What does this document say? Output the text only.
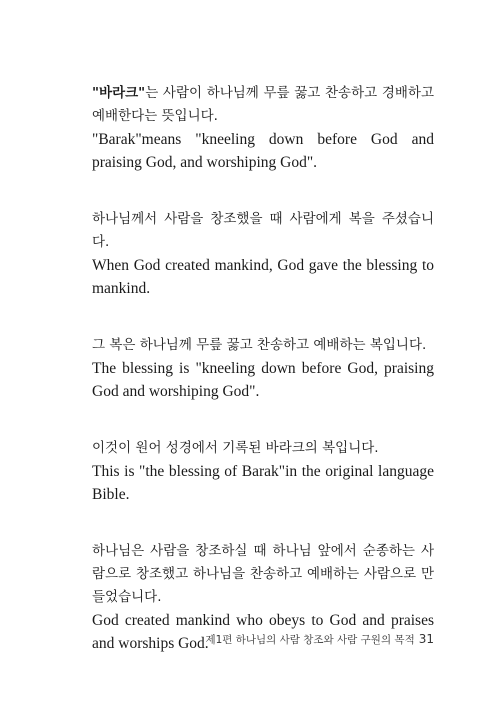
"바라크"는 사람이 하나님께 무릎 꿇고 찬송하고 경배하고 예배한다는 뜻입니다.

"Barak"means "kneeling down before God and praising God, and worshiping God".

하나님께서 사람을 창조했을 때 사람에게 복을 주셨습니다.

When God created mankind, God gave the blessing to mankind.

그 복은 하나님께 무릎 꿇고 찬송하고 예배하는 복입니다.

The blessing is "kneeling down before God, praising God and worshiping God".

이것이 원어 성경에서 기록된 바라크의 복입니다.

This is "the blessing of Barak"in the original language Bible.

하나님은 사람을 창조하실 때 하나님 앞에서 순종하는 사람으로 창조했고 하나님을 찬송하고 예배하는 사람으로 만들었습니다.

God created mankind who obeys to God and praises and worships God.

제1편 하나님의 사람 창조와 사람 구원의 목적 31
